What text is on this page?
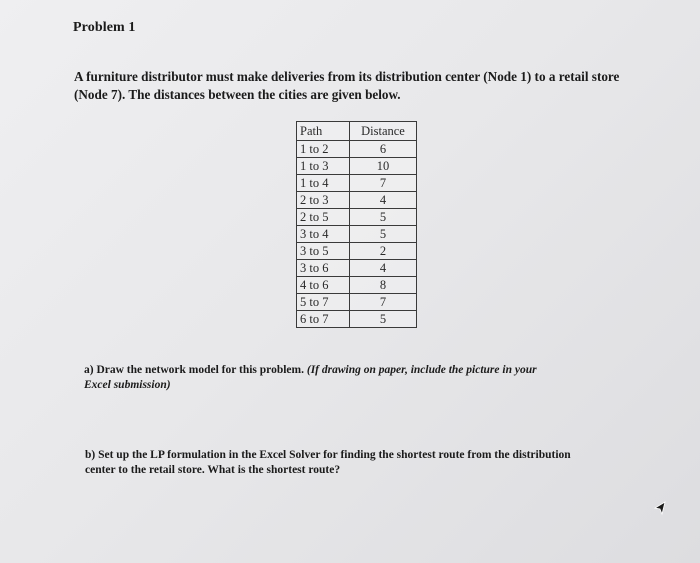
Problem 1

A furniture distributor must make deliveries from its distribution center (Node 1) to a retail store

(Node 7). The distances between the cities are given below.

Path	Distance
1 to 2	6
1 to 3	10
1 to 4	7
2 to 3	4
2 to 5	5
3 to 4	5
3 to 5	2
3 to 6	4
4 to 6	8
5 to 7	7
6 to 7	5

a) Draw the network model for this problem. (If drawing on paper, include the picture in your

Excel submission)

b) Set up the LP formulation in the Excel Solver for finding the shortest route from the distribution

center to the retail store. What is the shortest route?
